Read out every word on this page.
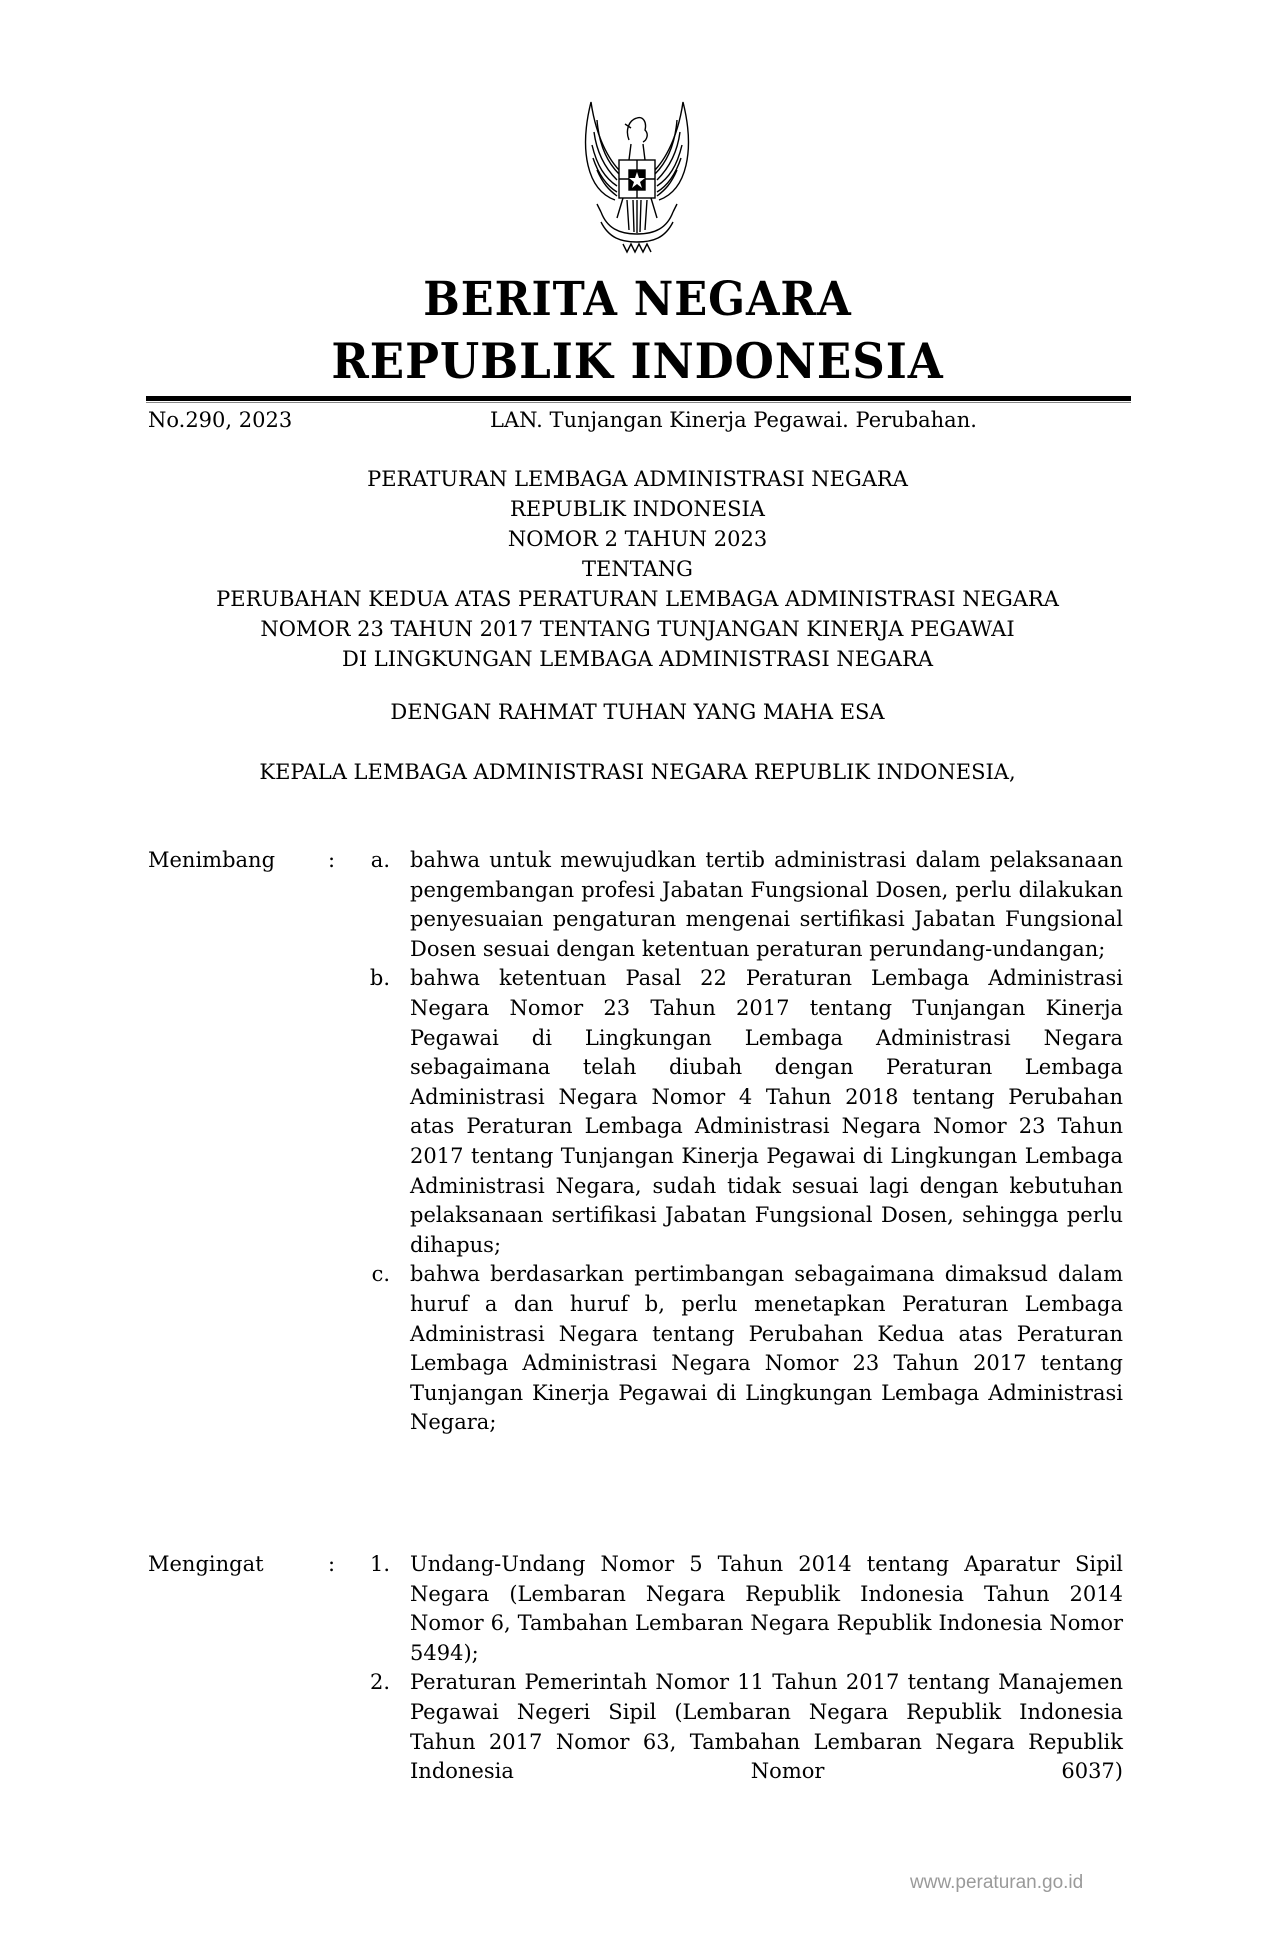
BERITA NEGARA
REPUBLIK INDONESIA
No.290, 2023	LAN. Tunjangan Kinerja Pegawai. Perubahan.
PERATURAN LEMBAGA ADMINISTRASI NEGARA
REPUBLIK INDONESIA
NOMOR 2 TAHUN 2023
TENTANG
PERUBAHAN KEDUA ATAS PERATURAN LEMBAGA ADMINISTRASI NEGARA
NOMOR 23 TAHUN 2017 TENTANG TUNJANGAN KINERJA PEGAWAI
DI LINGKUNGAN LEMBAGA ADMINISTRASI NEGARA
DENGAN RAHMAT TUHAN YANG MAHA ESA
KEPALA LEMBAGA ADMINISTRASI NEGARA REPUBLIK INDONESIA,
Menimbang	:	a. bahwa untuk mewujudkan tertib administrasi dalam pelaksanaan pengembangan profesi Jabatan Fungsional Dosen, perlu dilakukan penyesuaian pengaturan mengenai sertifikasi Jabatan Fungsional Dosen sesuai dengan ketentuan peraturan perundang-undangan;
b. bahwa ketentuan Pasal 22 Peraturan Lembaga Administrasi Negara Nomor 23 Tahun 2017 tentang Tunjangan Kinerja Pegawai di Lingkungan Lembaga Administrasi Negara sebagaimana telah diubah dengan Peraturan Lembaga Administrasi Negara Nomor 4 Tahun 2018 tentang Perubahan atas Peraturan Lembaga Administrasi Negara Nomor 23 Tahun 2017 tentang Tunjangan Kinerja Pegawai di Lingkungan Lembaga Administrasi Negara, sudah tidak sesuai lagi dengan kebutuhan pelaksanaan sertifikasi Jabatan Fungsional Dosen, sehingga perlu dihapus;
c. bahwa berdasarkan pertimbangan sebagaimana dimaksud dalam huruf a dan huruf b, perlu menetapkan Peraturan Lembaga Administrasi Negara tentang Perubahan Kedua atas Peraturan Lembaga Administrasi Negara Nomor 23 Tahun 2017 tentang Tunjangan Kinerja Pegawai di Lingkungan Lembaga Administrasi Negara;
Mengingat	:	1. Undang-Undang Nomor 5 Tahun 2014 tentang Aparatur Sipil Negara (Lembaran Negara Republik Indonesia Tahun 2014 Nomor 6, Tambahan Lembaran Negara Republik Indonesia Nomor 5494);
2. Peraturan Pemerintah Nomor 11 Tahun 2017 tentang Manajemen Pegawai Negeri Sipil (Lembaran Negara Republik Indonesia Tahun 2017 Nomor 63, Tambahan Lembaran Negara Republik Indonesia Nomor 6037)
www.peraturan.go.id
